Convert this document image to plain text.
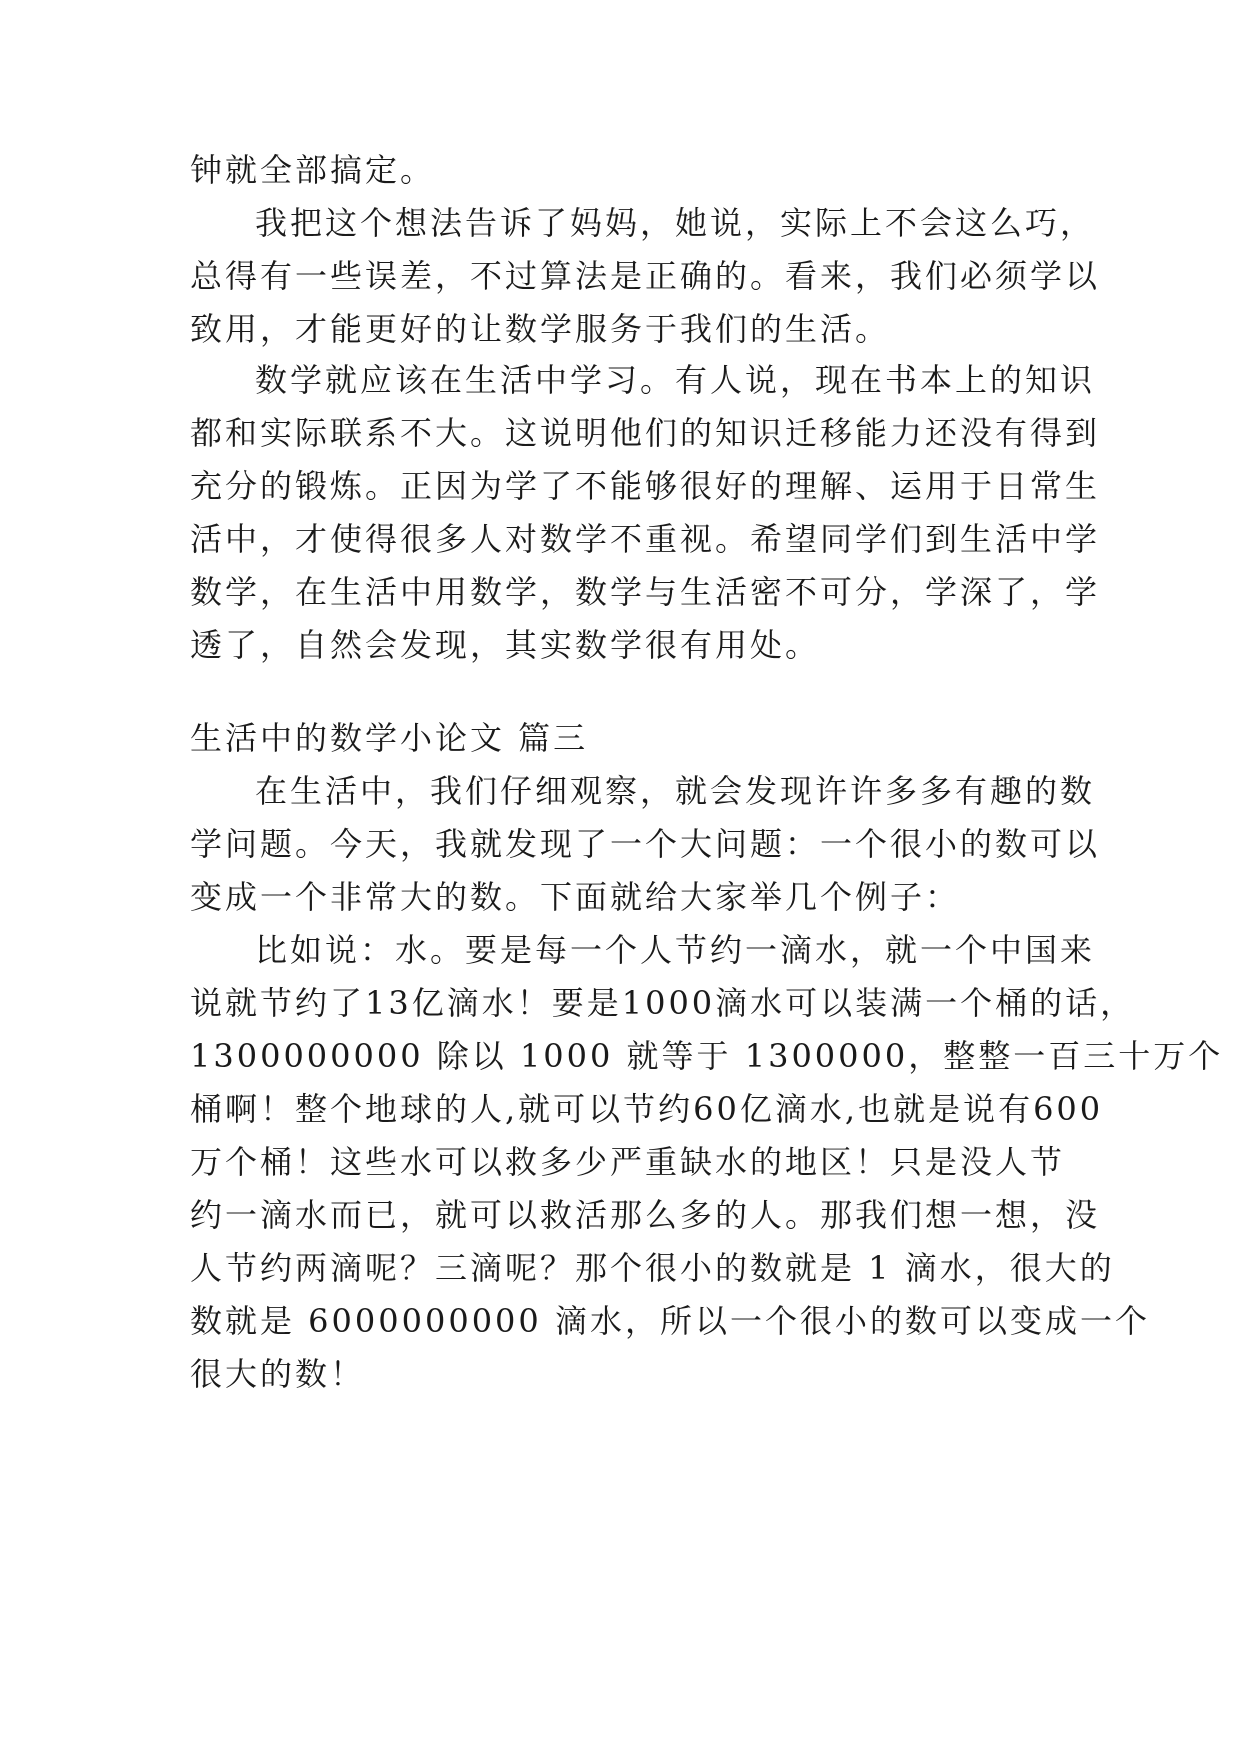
钟就全部搞定。
我把这个想法告诉了妈妈，她说，实际上不会这么巧，
总得有一些误差，不过算法是正确的。看来，我们必须学以
致用，才能更好的让数学服务于我们的生活。
数学就应该在生活中学习。有人说，现在书本上的知识
都和实际联系不大。这说明他们的知识迁移能力还没有得到
充分的锻炼。正因为学了不能够很好的理解、运用于日常生
活中，才使得很多人对数学不重视。希望同学们到生活中学
数学，在生活中用数学，数学与生活密不可分，学深了，学
透了，自然会发现，其实数学很有用处。
生活中的数学小论文 篇三
在生活中，我们仔细观察，就会发现许许多多有趣的数
学问题。今天，我就发现了一个大问题：一个很小的数可以
变成一个非常大的数。下面就给大家举几个例子：
比如说：水。要是每一个人节约一滴水，就一个中国来
说就节约了13亿滴水！要是1000滴水可以装满一个桶的话，
1300000000 除以 1000 就等于 1300000，整整一百三十万个
桶啊！整个地球的人,就可以节约60亿滴水,也就是说有600
万个桶！这些水可以救多少严重缺水的地区！只是没人节
约一滴水而已，就可以救活那么多的人。那我们想一想，没
人节约两滴呢？三滴呢？那个很小的数就是 1 滴水，很大的
数就是 6000000000 滴水，所以一个很小的数可以变成一个
很大的数！
